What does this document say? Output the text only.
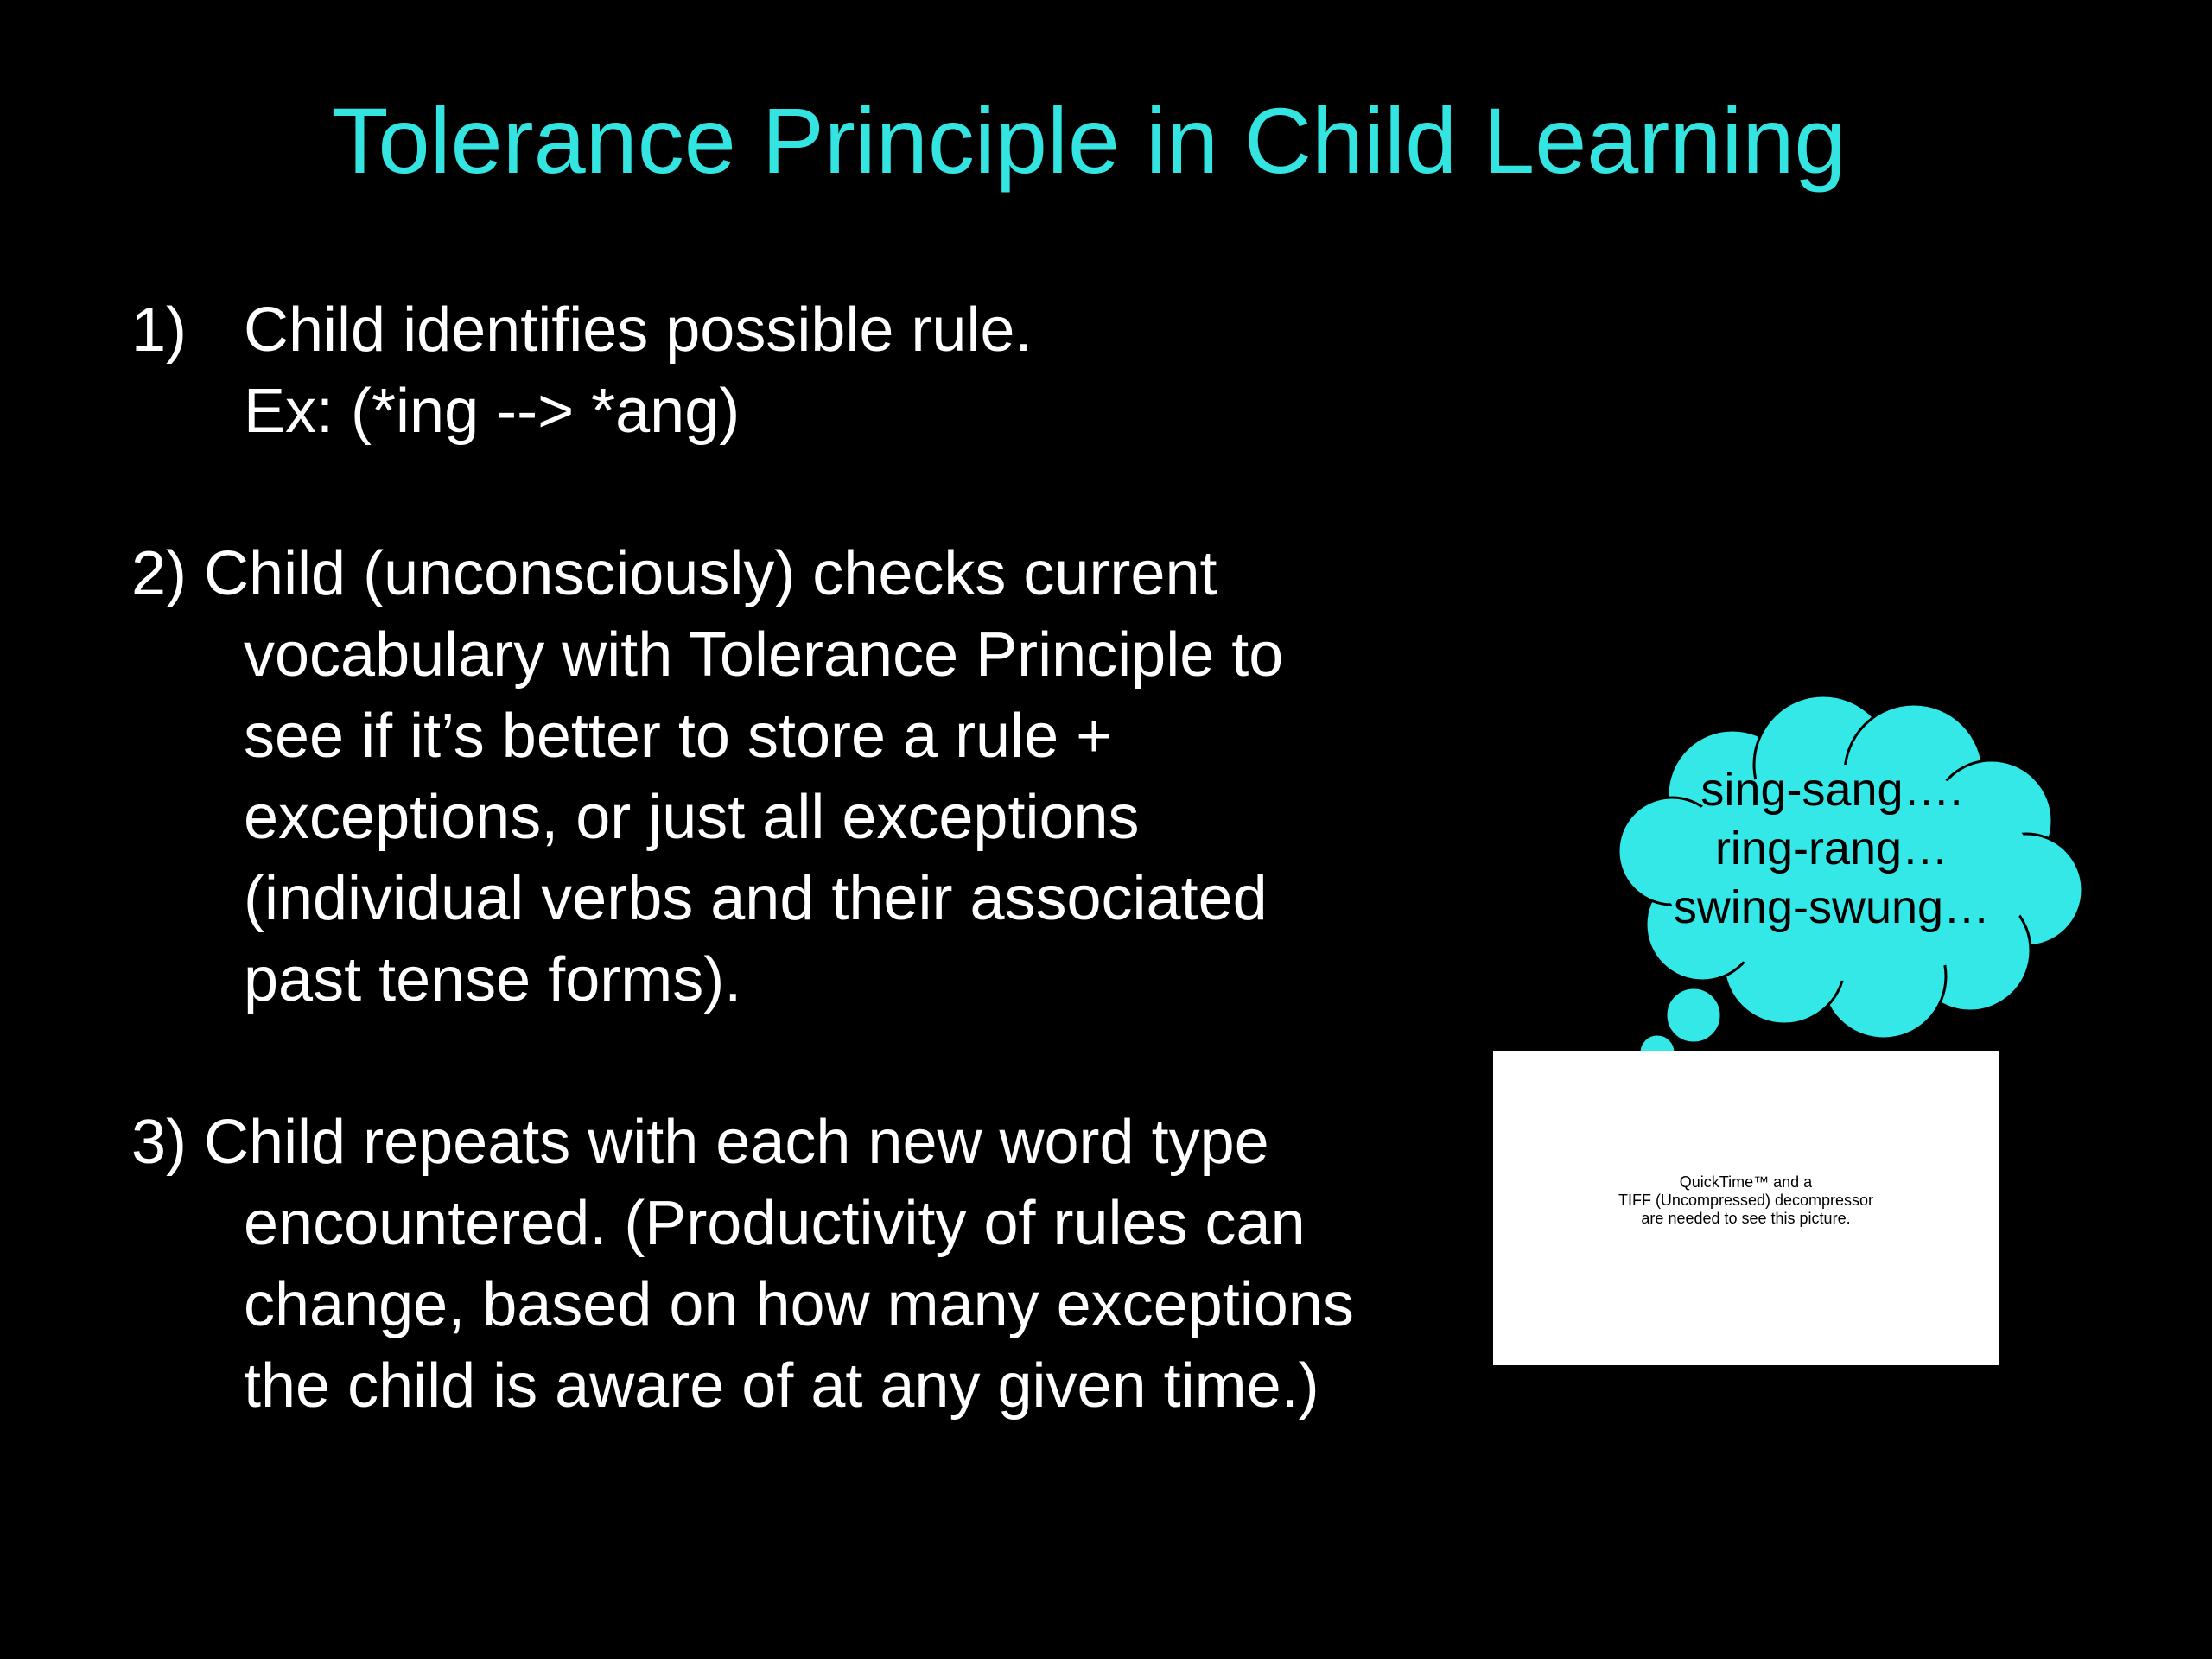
Tolerance Principle in Child Learning
1) Child identifies possible rule.
Ex: (*ing --> *ang)
2) Child (unconsciously) checks current
vocabulary with Tolerance Principle to
see if it’s better to store a rule +
exceptions, or just all exceptions
(individual verbs and their associated
past tense forms).
3) Child repeats with each new word type
encountered. (Productivity of rules can
change, based on how many exceptions
the child is aware of at any given time.)
sing-sang….
ring-rang…
swing-swung…
QuickTime™ and a
TIFF (Uncompressed) decompressor
are needed to see this picture.
